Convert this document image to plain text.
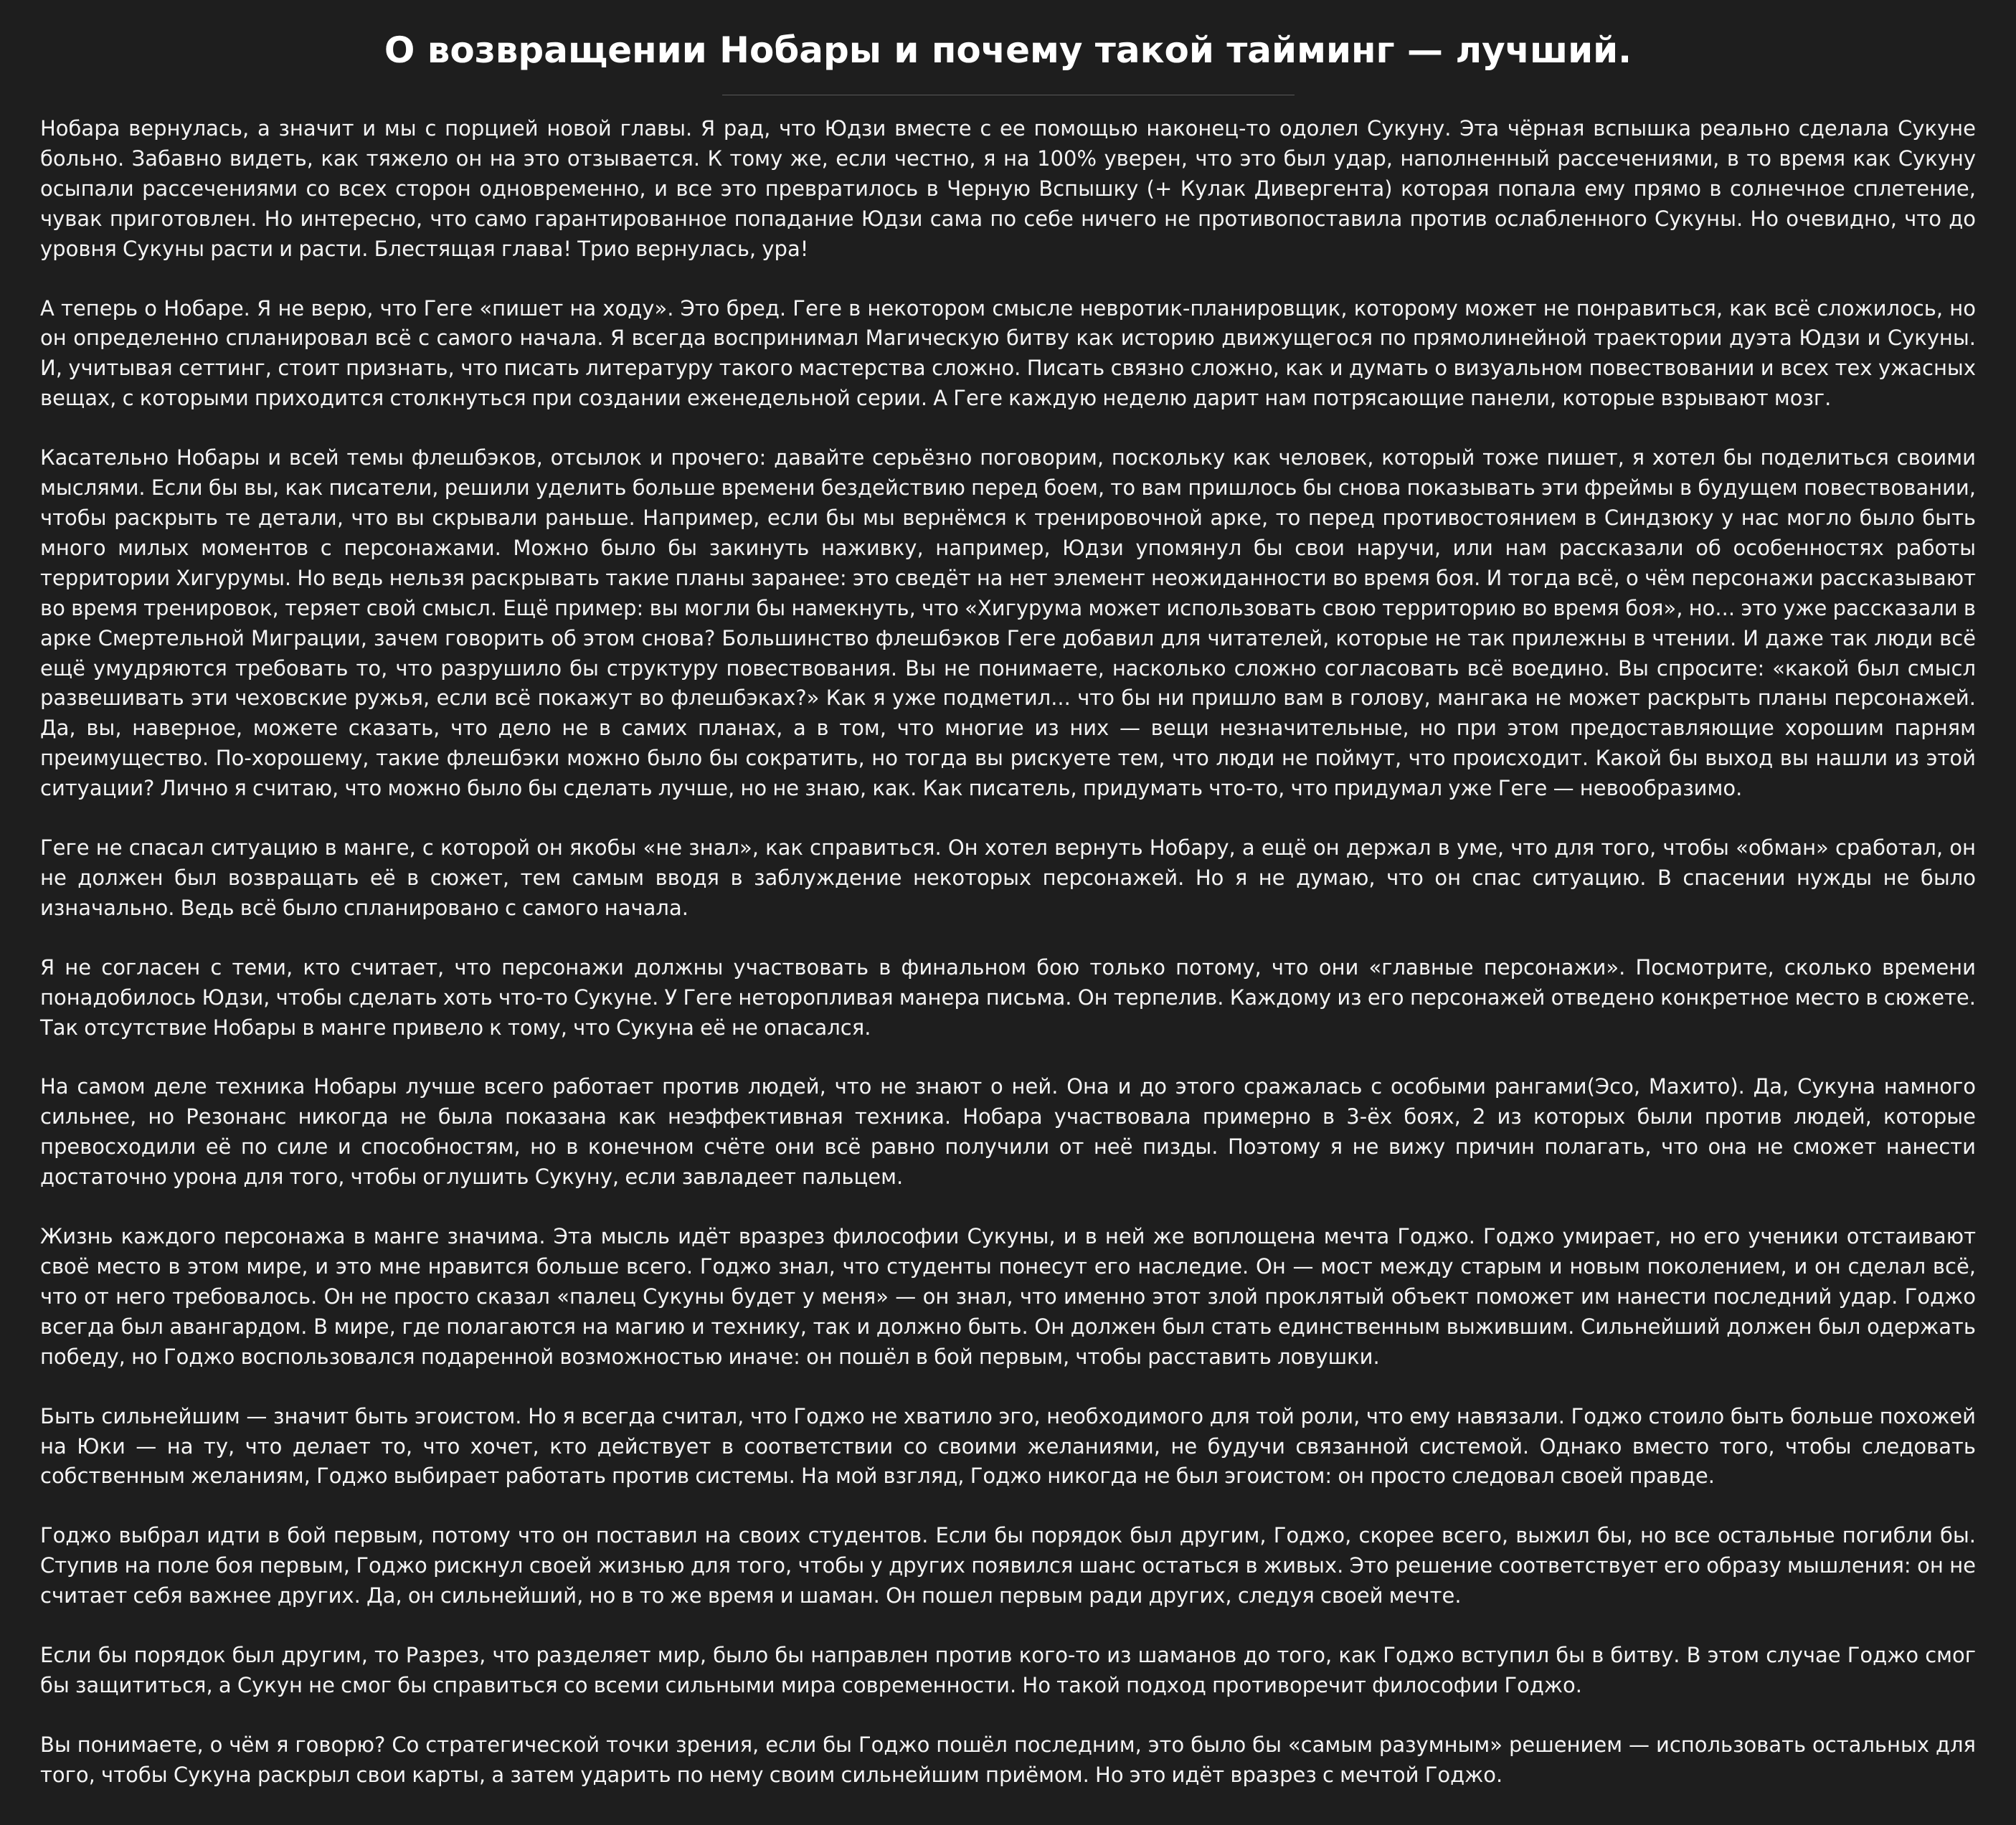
О возвращении Нобары и почему такой тайминг — лучший.

Нобара вернулась, а значит и мы с порцией новой главы. Я рад, что Юдзи вместе с ее помощью наконец-то одолел Сукуну. Эта чёрная вспышка реально сделала Сукуне больно. Забавно видеть, как тяжело он на это отзывается. К тому же, если честно, я на 100% уверен, что это был удар, наполненный рассечениями, в то время как Сукуну осыпали рассечениями со всех сторон одновременно, и все это превратилось в Черную Вспышку (+ Кулак Дивергента) которая попала ему прямо в солнечное сплетение, чувак приготовлен. Но интересно, что само гарантированное попадание Юдзи сама по себе ничего не противопоставила против ослабленного Сукуны. Но очевидно, что до уровня Сукуны расти и расти. Блестящая глава! Трио вернулась, ура!

А теперь о Нобаре. Я не верю, что Геге «пишет на ходу». Это бред. Геге в некотором смысле невротик-планировщик, которому может не понравиться, как всё сложилось, но он определенно спланировал всё с самого начала. Я всегда воспринимал Магическую битву как историю движущегося по прямолинейной траектории дуэта Юдзи и Сукуны. И, учитывая сеттинг, стоит признать, что писать литературу такого мастерства сложно. Писать связно сложно, как и думать о визуальном повествовании и всех тех ужасных вещах, с которыми приходится столкнуться при создании еженедельной серии. А Геге каждую неделю дарит нам потрясающие панели, которые взрывают мозг.

Касательно Нобары и всей темы флешбэков, отсылок и прочего: давайте серьёзно поговорим, поскольку как человек, который тоже пишет, я хотел бы поделиться своими мыслями. Если бы вы, как писатели, решили уделить больше времени бездействию перед боем, то вам пришлось бы снова показывать эти фреймы в будущем повествовании, чтобы раскрыть те детали, что вы скрывали раньше. Например, если бы мы вернёмся к тренировочной арке, то перед противостоянием в Синдзюку у нас могло было быть много милых моментов с персонажами. Можно было бы закинуть наживку, например, Юдзи упомянул бы свои наручи, или нам рассказали об особенностях работы территории Хигурумы. Но ведь нельзя раскрывать такие планы заранее: это сведёт на нет элемент неожиданности во время боя. И тогда всё, о чём персонажи рассказывают во время тренировок, теряет свой смысл. Ещё пример: вы могли бы намекнуть, что «Хигурума может использовать свою территорию во время боя», но... это уже рассказали в арке Смертельной Миграции, зачем говорить об этом снова? Большинство флешбэков Геге добавил для читателей, которые не так прилежны в чтении. И даже так люди всё ещё умудряются требовать то, что разрушило бы структуру повествования. Вы не понимаете, насколько сложно согласовать всё воедино. Вы спросите: «какой был смысл развешивать эти чеховские ружья, если всё покажут во флешбэках?» Как я уже подметил... что бы ни пришло вам в голову, мангака не может раскрыть планы персонажей. Да, вы, наверное, можете сказать, что дело не в самих планах, а в том, что многие из них — вещи незначительные, но при этом предоставляющие хорошим парням преимущество. По-хорошему, такие флешбэки можно было бы сократить, но тогда вы рискуете тем, что люди не поймут, что происходит. Какой бы выход вы нашли из этой ситуации? Лично я считаю, что можно было бы сделать лучше, но не знаю, как. Как писатель, придумать что-то, что придумал уже Геге — невообразимо.

Геге не спасал ситуацию в манге, с которой он якобы «не знал», как справиться. Он хотел вернуть Нобару, а ещё он держал в уме, что для того, чтобы «обман» сработал, он не должен был возвращать её в сюжет, тем самым вводя в заблуждение некоторых персонажей. Но я не думаю, что он спас ситуацию. В спасении нужды не было изначально. Ведь всё было спланировано с самого начала.

Я не согласен с теми, кто считает, что персонажи должны участвовать в финальном бою только потому, что они «главные персонажи». Посмотрите, сколько времени понадобилось Юдзи, чтобы сделать хоть что-то Сукуне. У Геге неторопливая манера письма. Он терпелив. Каждому из его персонажей отведено конкретное место в сюжете. Так отсутствие Нобары в манге привело к тому, что Сукуна её не опасался.

На самом деле техника Нобары лучше всего работает против людей, что не знают о ней. Она и до этого сражалась с особыми рангами(Эсо, Махито). Да, Сукуна намного сильнее, но Резонанс никогда не была показана как неэффективная техника. Нобара участвовала примерно в 3-ёх боях, 2 из которых были против людей, которые превосходили её по силе и способностям, но в конечном счёте они всё равно получили от неё пизды. Поэтому я не вижу причин полагать, что она не сможет нанести достаточно урона для того, чтобы оглушить Сукуну, если завладеет пальцем.

Жизнь каждого персонажа в манге значима. Эта мысль идёт вразрез философии Сукуны, и в ней же воплощена мечта Годжо. Годжо умирает, но его ученики отстаивают своё место в этом мире, и это мне нравится больше всего. Годжо знал, что студенты понесут его наследие. Он — мост между старым и новым поколением, и он сделал всё, что от него требовалось. Он не просто сказал «палец Сукуны будет у меня» — он знал, что именно этот злой проклятый объект поможет им нанести последний удар. Годжо всегда был авангардом. В мире, где полагаются на магию и технику, так и должно быть. Он должен был стать единственным выжившим. Сильнейший должен был одержать победу, но Годжо воспользовался подаренной возможностью иначе: он пошёл в бой первым, чтобы расставить ловушки.

Быть сильнейшим — значит быть эгоистом. Но я всегда считал, что Годжо не хватило эго, необходимого для той роли, что ему навязали. Годжо стоило быть больше похожей на Юки — на ту, что делает то, что хочет, кто действует в соответствии со своими желаниями, не будучи связанной системой. Однако вместо того, чтобы следовать собственным желаниям, Годжо выбирает работать против системы. На мой взгляд, Годжо никогда не был эгоистом: он просто следовал своей правде.

Годжо выбрал идти в бой первым, потому что он поставил на своих студентов. Если бы порядок был другим, Годжо, скорее всего, выжил бы, но все остальные погибли бы. Ступив на поле боя первым, Годжо рискнул своей жизнью для того, чтобы у других появился шанс остаться в живых. Это решение соответствует его образу мышления: он не считает себя важнее других. Да, он сильнейший, но в то же время и шаман. Он пошел первым ради других, следуя своей мечте.

Если бы порядок был другим, то Разрез, что разделяет мир, было бы направлен против кого-то из шаманов до того, как Годжо вступил бы в битву. В этом случае Годжо смог бы защититься, а Сукун не смог бы справиться со всеми сильными мира современности. Но такой подход противоречит философии Годжо.

Вы понимаете, о чём я говорю? Со стратегической точки зрения, если бы Годжо пошёл последним, это было бы «самым разумным» решением — использовать остальных для того, чтобы Сукуна раскрыл свои карты, а затем ударить по нему своим сильнейшим приёмом. Но это идёт вразрез с мечтой Годжо.
